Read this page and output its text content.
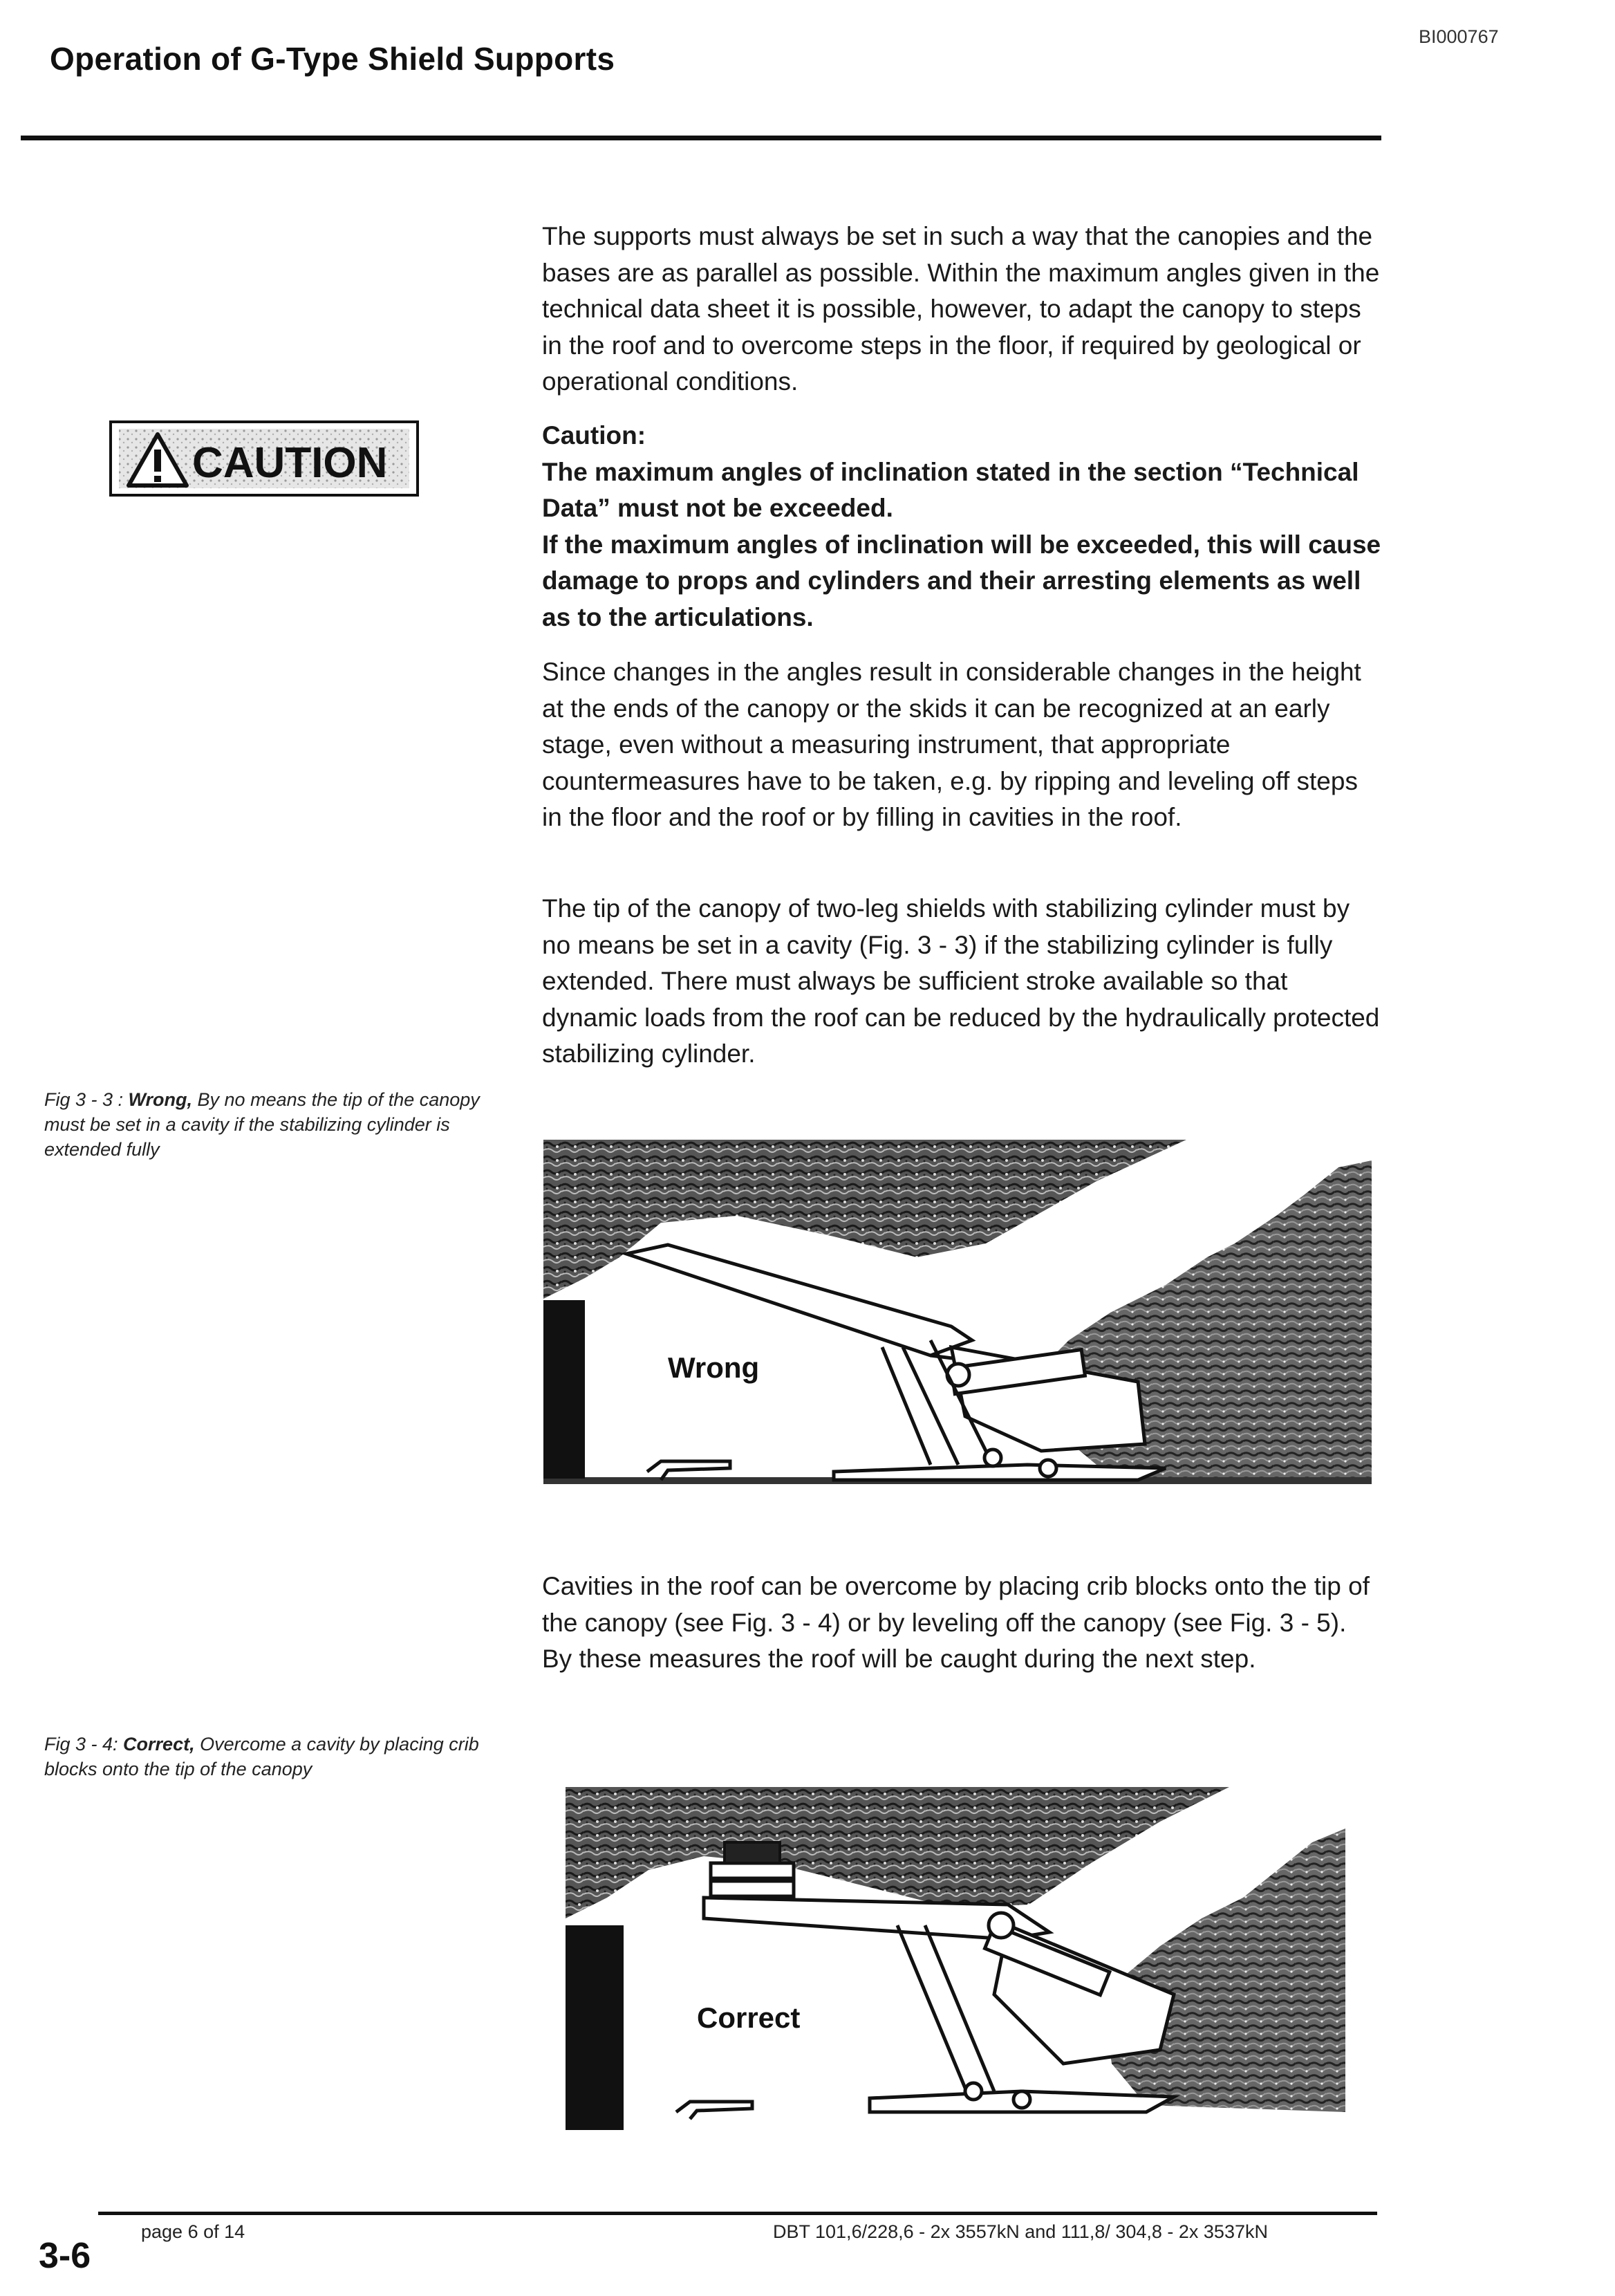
Operation of G-Type Shield Supports
BI000767
CAUTION

The supports must always be set in such a way that the canopies and the bases are as parallel as possible. Within the maximum angles given in the technical data sheet it is possible, however, to adapt the canopy to steps in the roof and to overcome steps in the floor, if required by geological or operational conditions.

Caution:

The maximum angles of inclination stated in the section “Technical Data” must not be exceeded.

If the maximum angles of inclination will be exceeded, this will cause damage to props and cylinders and their arresting elements as well as to the articulations.

Since changes in the angles result in considerable changes in the height at the ends of the canopy or the skids it can be recognized at an early stage, even without a measuring instrument, that appropriate countermeasures have to be taken, e.g. by ripping and leveling off steps in the floor and the roof or by filling in cavities in the roof.

The tip of the canopy of two-leg shields with stabilizing cylinder must by no means be set in a cavity (Fig. 3 - 3) if the stabilizing cylinder is fully extended. There must always be sufficient stroke available so that dynamic loads from the roof can be reduced by the hydraulically protected stabilizing cylinder.

Fig 3 - 3 : Wrong, By no means the tip of the canopy must be set in a cavity if the stabilizing cylinder is extended fully
Wrong

Cavities in the roof can be overcome by placing crib blocks onto the tip of the canopy (see Fig. 3 - 4) or by leveling off the canopy (see Fig. 3 - 5). By these measures the roof will be caught during the next step.

Fig 3 - 4: Correct, Overcome a cavity by placing crib blocks onto the tip of the canopy
Correct
page 6 of 14	DBT 101,6/228,6 - 2x 3557kN and 111,8/ 304,8 - 2x 3537kN
3-6
